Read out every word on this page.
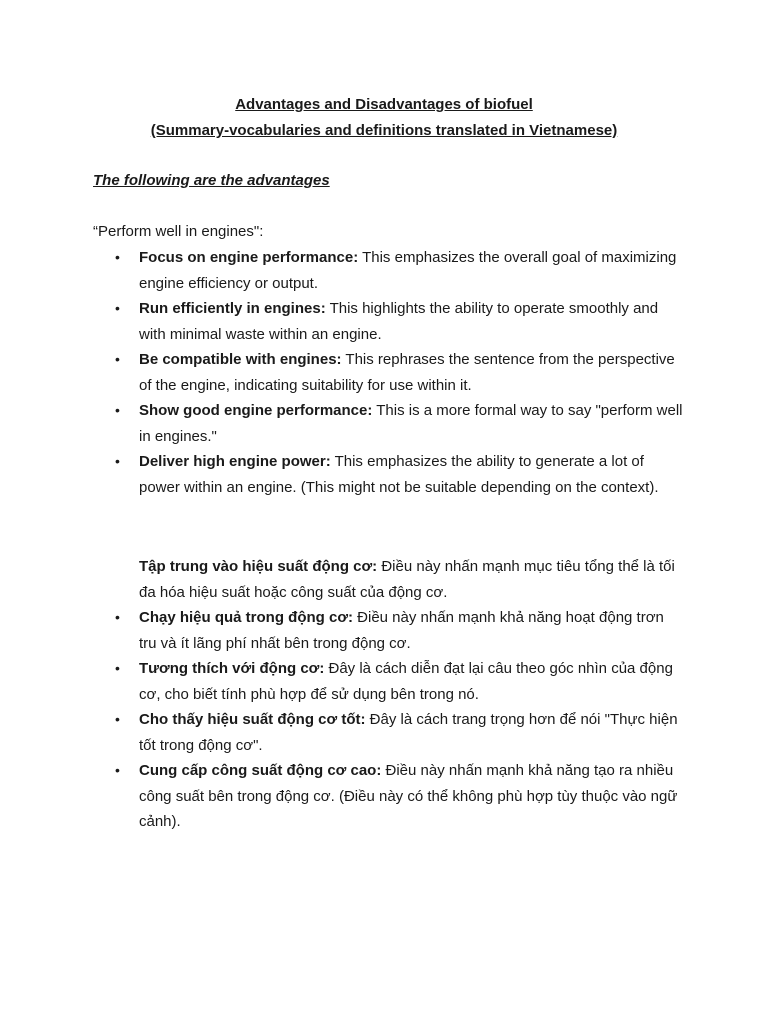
Advantages and Disadvantages of biofuel
(Summary-vocabularies and definitions translated in Vietnamese)
The following are the advantages
“Perform well in engines":
• Focus on engine performance: This emphasizes the overall goal of maximizing engine efficiency or output.
• Run efficiently in engines: This highlights the ability to operate smoothly and with minimal waste within an engine.
• Be compatible with engines: This rephrases the sentence from the perspective of the engine, indicating suitability for use within it.
• Show good engine performance: This is a more formal way to say "perform well in engines."
• Deliver high engine power: This emphasizes the ability to generate a lot of power within an engine. (This might not be suitable depending on the context).
Tập trung vào hiệu suất động cơ: Điều này nhấn mạnh mục tiêu tổng thể là tối đa hóa hiệu suất hoặc công suất của động cơ.
• Chạy hiệu quả trong động cơ: Điều này nhấn mạnh khả năng hoạt động trơn tru và ít lãng phí nhất bên trong động cơ.
• Tương thích với động cơ: Đây là cách diễn đạt lại câu theo góc nhìn của động cơ, cho biết tính phù hợp để sử dụng bên trong nó.
• Cho thấy hiệu suất động cơ tốt: Đây là cách trang trọng hơn để nói "Thực hiện tốt trong động cơ".
• Cung cấp công suất động cơ cao: Điều này nhấn mạnh khả năng tạo ra nhiều công suất bên trong động cơ. (Điều này có thể không phù hợp tùy thuộc vào ngữ cảnh).
